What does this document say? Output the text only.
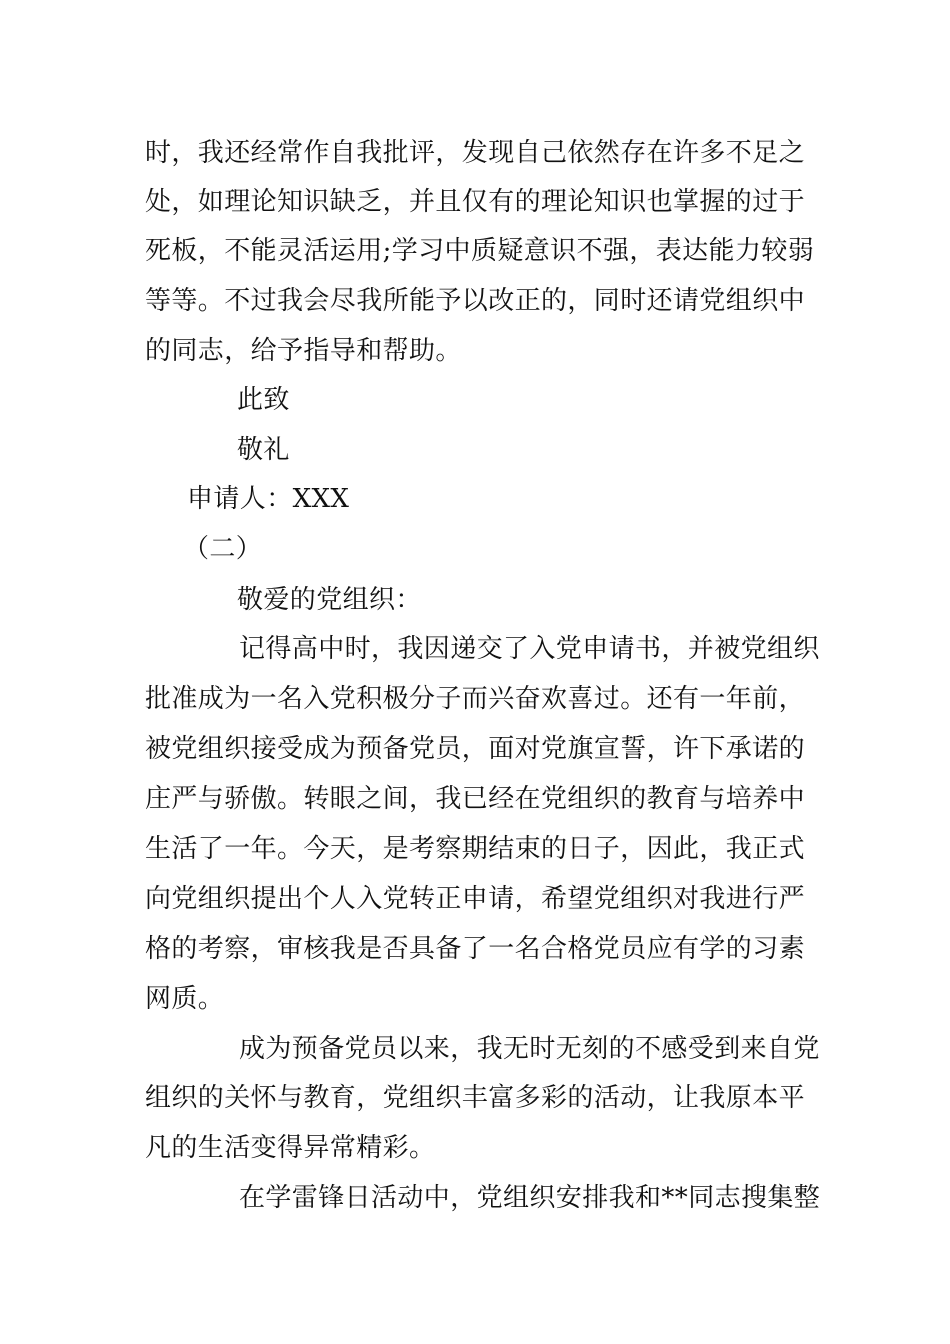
时，我还经常作自我批评，发现自己依然存在许多不足之
处，如理论知识缺乏，并且仅有的理论知识也掌握的过于
死板，不能灵活运用;学习中质疑意识不强，表达能力较弱
等等。不过我会尽我所能予以改正的，同时还请党组织中
的同志，给予指导和帮助。
此致
敬礼
申请人：XXX
（二）
敬爱的党组织：
记得高中时，我因递交了入党申请书，并被党组织
批准成为一名入党积极分子而兴奋欢喜过。还有一年前，
被党组织接受成为预备党员，面对党旗宣誓，许下承诺的
庄严与骄傲。转眼之间，我已经在党组织的教育与培养中
生活了一年。今天，是考察期结束的日子，因此，我正式
向党组织提出个人入党转正申请，希望党组织对我进行严
格的考察，审核我是否具备了一名合格党员应有学的习素
网质。
成为预备党员以来，我无时无刻的不感受到来自党
组织的关怀与教育，党组织丰富多彩的活动，让我原本平
凡的生活变得异常精彩。
在学雷锋日活动中，党组织安排我和**同志搜集整
